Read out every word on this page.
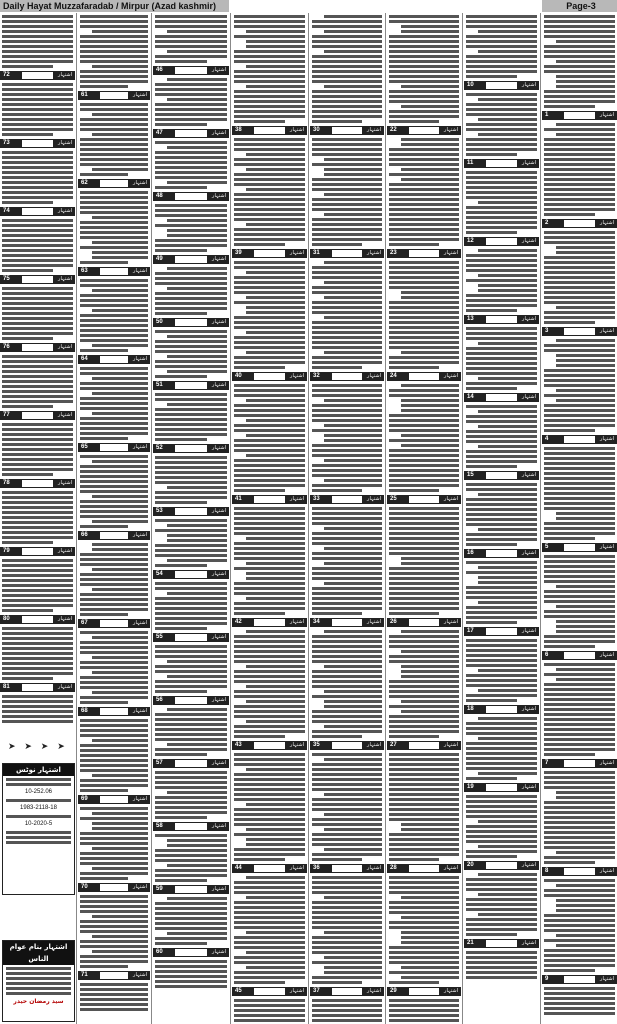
Daily Hayat Muzzafaradab / Mirpur (Azad kashmir)	Page-3
72	اشتہار
73	اشتہار
74	اشتہار
75	اشتہار
76	اشتہار
77	اشتہار
78	اشتہار
79	اشتہار
80	اشتہار
81	اشتہار
61	اشتہار
62	اشتہار
63	اشتہار
64	اشتہار
65	اشتہار
66	اشتہار
67	اشتہار
68	اشتہار
69	اشتہار
70	اشتہار
71	اشتہار
46	اشتہار
47	اشتہار
48	اشتہار
49	اشتہار
50	اشتہار
51	اشتہار
52	اشتہار
53	اشتہار
54	اشتہار
55	اشتہار
56	اشتہار
57	اشتہار
58	اشتہار
59	اشتہار
60	اشتہار
38	اشتہار
39	اشتہار
40	اشتہار
41	اشتہار
42	اشتہار
43	اشتہار
44	اشتہار
45	اشتہار
30	اشتہار
31	اشتہار
32	اشتہار
33	اشتہار
34	اشتہار
35	اشتہار
36	اشتہار
37	اشتہار
22	اشتہار
23	اشتہار
24	اشتہار
25	اشتہار
26	اشتہار
27	اشتہار
28	اشتہار
29	اشتہار
10	اشتہار
11	اشتہار
12	اشتہار
13	اشتہار
14	اشتہار
15	اشتہار
16	اشتہار
17	اشتہار
18	اشتہار
19	اشتہار
20	اشتہار
21	اشتہار
1	اشتہار
2	اشتہار
3	اشتہار
4	اشتہار
5	اشتہار
6	اشتہار
7	اشتہار
8	اشتہار
9	اشتہار
➤ ➤ ➤ ➤
اشتہار نوٹس
10-252.06
1983-2118-18
10-2020-5
اشتہار بنام عوام الناس
سید رمضان حیدر
